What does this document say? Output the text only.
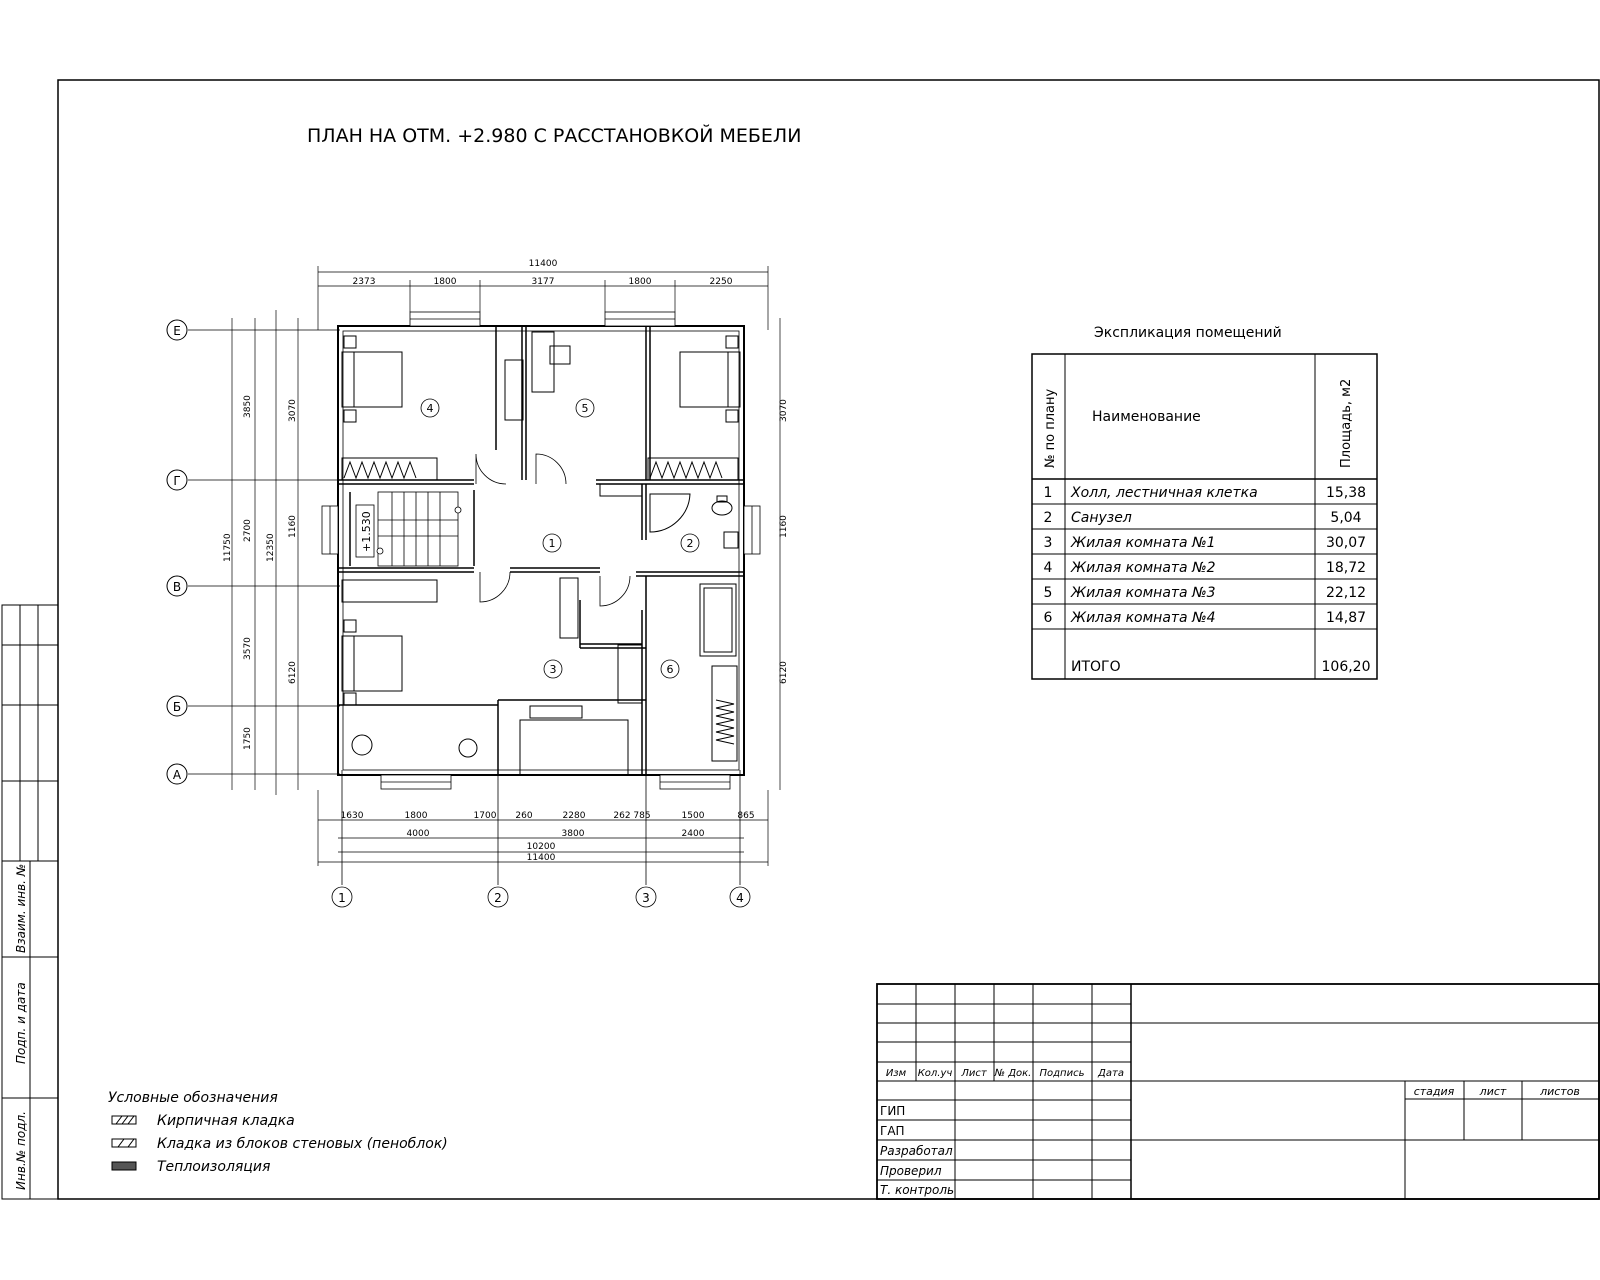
ПЛАН НА ОТМ. +2.980 С РАССТАНОВКОЙ МЕБЕЛИ
Взаим. инв. №
Подп. и дата
Инв.№ подл.
Е
Г
В
Б
А
1	2	3	4
+1.530	1	2
3
4	5
6
11400
2373	1800	3177	1800	2250
1630	1800	1700 260	2280	262 785	1500	865
4000	3800	2400
10200
11400
3850
2700
3570
1750
11750	12350
3070
1160
6120
3070
1160
6120
Экспликация помещений
№ по плану Наименование	Площадь, м2
1 Холл, лестничная клетка	15,38
2 Санузел	5,04
3 Жилая комната №1	30,07
4 Жилая комната №2	18,72
5 Жилая комната №3	22,12
6 Жилая комната №4	14,87
ИТОГО	106,20
Условные обозначения
Кирпичная кладка
Кладка из блоков стеновых (пеноблок)
Теплоизоляция
Изм Кол.уч Лист № Док. Подпись Дата
ГИП
ГАП
Разработал
Проверил
Т. контроль
стадия лист	листов
